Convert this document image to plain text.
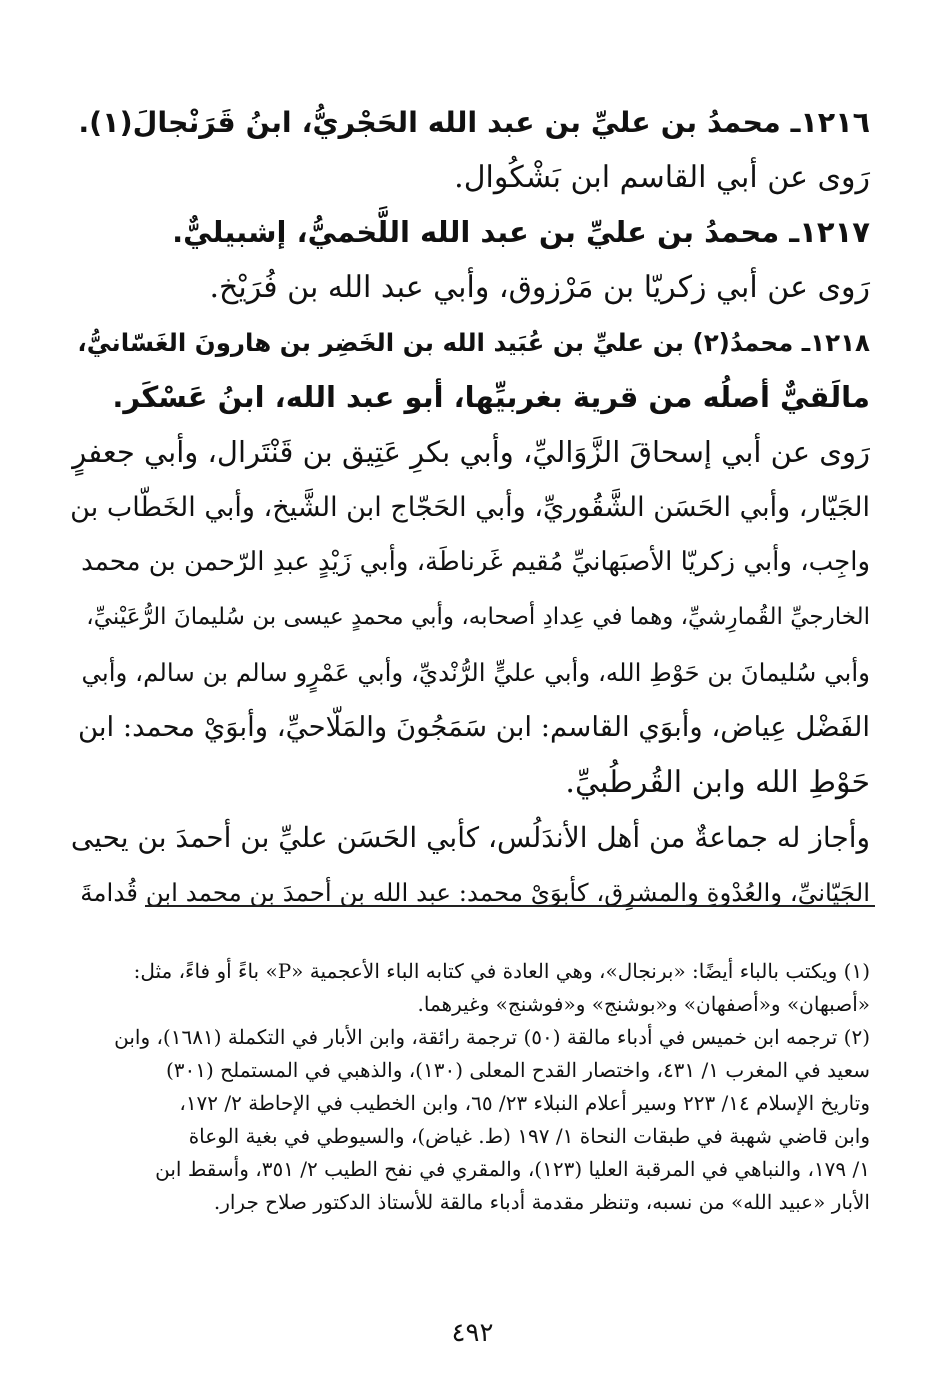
١٢١٦ـ محمدُ بن عليِّ بن عبد الله الحَجْريُّ، ابنُ قَرَنْجالَ(١).

رَوى عن أبي القاسم ابن بَشْكُوال.

١٢١٧ـ محمدُ بن عليِّ بن عبد الله اللَّخميُّ، إشبيليٌّ.

رَوى عن أبي زكريّا بن مَرْزوق، وأبي عبد الله بن فُرَيْخ.

١٢١٨ـ محمدُ(٢) بن عليِّ بن عُبَيد الله بن الخَضِر بن هارونَ الغَسّانيُّ،

مالَقيٌّ أصلُه من قرية بغربيِّها، أبو عبد الله، ابنُ عَسْكَر.

رَوى عن أبي إسحاقَ الزَّوَاليِّ، وأبي بكرِ عَتِيق بن قَنْتَرال، وأبي جعفرٍ

الجَيّار، وأبي الحَسَن الشَّقُوريِّ، وأبي الحَجّاج ابن الشَّيخ، وأبي الخَطّاب بن

واجِب، وأبي زكريّا الأصبَهانيِّ مُقيم غَرناطَة، وأبي زَيْدٍ عبدِ الرّحمن بن محمد

الخارجيِّ القُمارِشيِّ، وهما في عِدادِ أصحابه، وأبي محمدٍ عيسى بن سُليمانَ الرُّعَيْنيِّ،

وأبي سُليمانَ بن حَوْطِ الله، وأبي عليٍّ الرُّنْديِّ، وأبي عَمْرٍو سالم بن سالم، وأبي

الفَضْل عِياض، وأبوَي القاسم: ابن سَمَجُونَ والمَلّاحيِّ، وأبوَيْ محمد: ابن

حَوْطِ الله وابن القُرطُبيِّ.

وأجاز له جماعةٌ من أهل الأندَلُس، كأبي الحَسَن عليِّ بن أحمدَ بن يحيى

الجَيّانيِّ، والعُدْوةِ والمشرِق، كأبوَيْ محمد: عبد الله بن أحمدَ بن محمد ابن قُدامةَ

(١) ويكتب بالباء أيضًا: «برنجال»، وهي العادة في كتابه الباء الأعجمية «P» باءً أو فاءً، مثل:

«أصبهان» و«أصفهان» و«بوشنج» و«فوشنج» وغيرهما.

(٢) ترجمه ابن خميس في أدباء مالقة (٥٠) ترجمة رائقة، وابن الأبار في التكملة (١٦٨١)، وابن

سعيد في المغرب ١/ ٤٣١، واختصار القدح المعلى (١٣٠)، والذهبي في المستملح (٣٠١)

وتاريخ الإسلام ١٤/ ٢٢٣ وسير أعلام النبلاء ٢٣/ ٦٥، وابن الخطيب في الإحاطة ٢/ ١٧٢،

وابن قاضي شهبة في طبقات النحاة ١/ ١٩٧ (ط. غياض)، والسيوطي في بغية الوعاة

١/ ١٧٩، والنباهي في المرقبة العليا (١٢٣)، والمقري في نفح الطيب ٢/ ٣٥١، وأسقط ابن

الأبار «عبيد الله» من نسبه، وتنظر مقدمة أدباء مالقة للأستاذ الدكتور صلاح جرار.

٤٩٢
